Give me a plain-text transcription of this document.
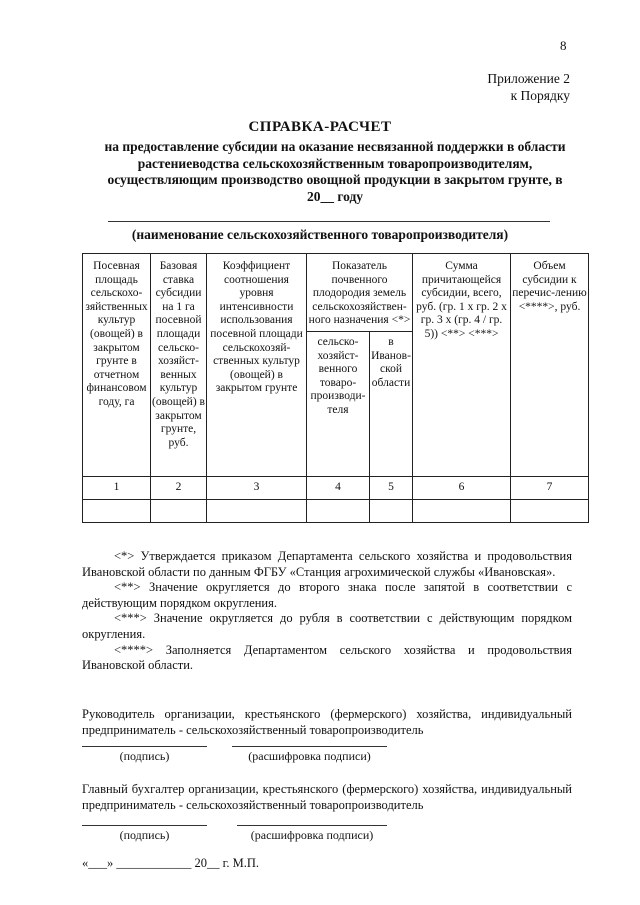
8
Приложение 2
к Порядку
СПРАВКА-РАСЧЕТ
на предоставление субсидии на оказание несвязанной поддержки в области растениеводства сельскохозяйственным товаропроизводителям, осуществляющим производство овощной продукции в закрытом грунте, в 20__ году
(наименование сельскохозяйственного товаропроизводителя)
Посевная площадь сельскохо-зяйственных культур (овощей) в закрытом грунте в отчетном финансовом году, га	Базовая ставка субсидии на 1 га посевной площади сельско-хозяйст-венных культур (овощей) в закрытом грунте, руб.	Коэффициент соотношения уровня интенсивности использования посевной площади сельскохозяй-ственных культур (овощей) в закрытом грунте	Показатель почвенного плодородия земель сельскохозяйствен-ного назначения <*>		Сумма причитающейся субсидии, всего, руб. (гр. 1 x гр. 2 x гр. 3 x (гр. 4 / гр. 5)) <**> <***>	Объем субсидии к перечис-лению <****>, руб.
			сельско-хозяйст-венного товаро-производи-теля	в Иванов-ской области		
1	2	3	4	5	6	7

<*> Утверждается приказом Департамента сельского хозяйства и продовольствия Ивановской области по данным ФГБУ «Станция агрохимической службы «Ивановская».

<**> Значение округляется до второго знака после запятой в соответствии с действующим порядком округления.

<***> Значение округляется до рубля в соответствии с действующим порядком округления.

<****> Заполняется Департаментом сельского хозяйства и продовольствия Ивановской области.

Руководитель организации, крестьянского (фермерского) хозяйства, индивидуальный предприниматель - сельскохозяйственный товаропроизводитель
(подпись)	(расшифровка подписи)
Главный бухгалтер организации, крестьянского (фермерского) хозяйства, индивидуальный предприниматель - сельскохозяйственный товаропроизводитель
(подпись)	(расшифровка подписи)
«___» ____________ 20__ г. М.П.
